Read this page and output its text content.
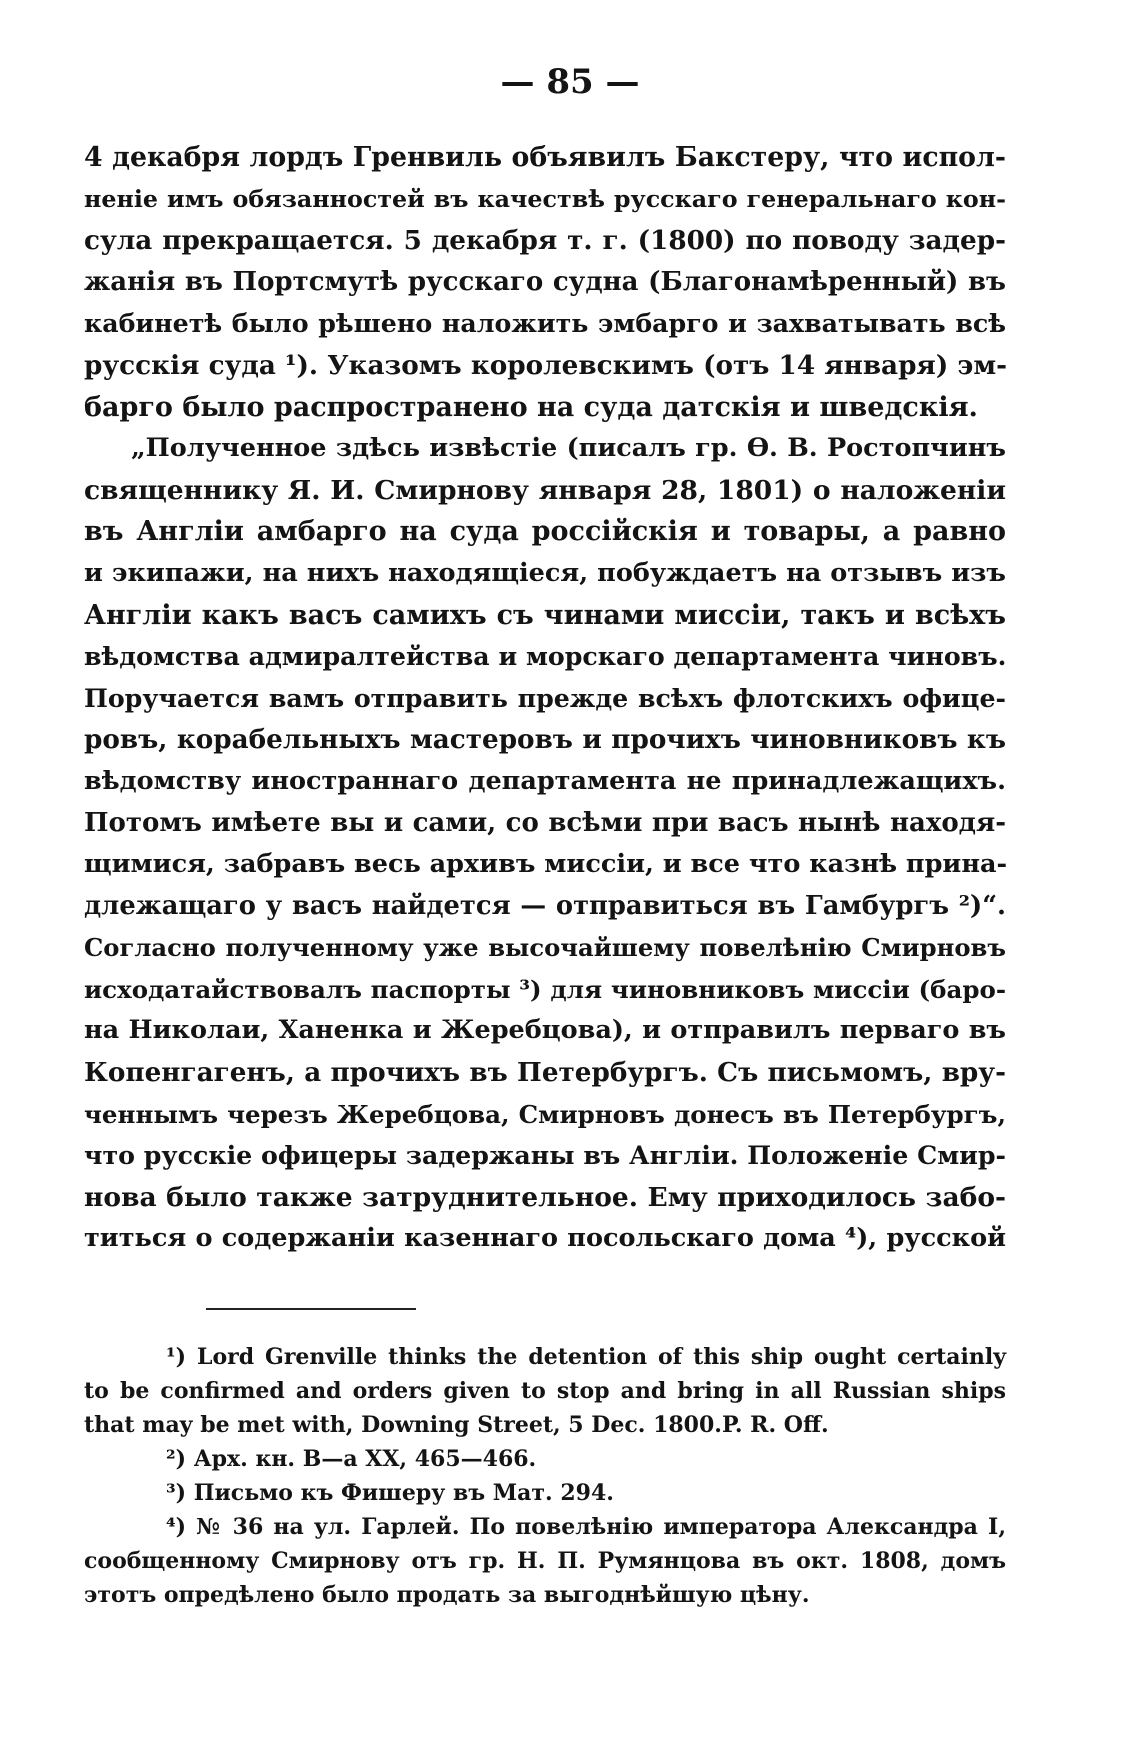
— 85 —
4 декабря лордъ Гренвиль объявилъ Бакстеру, что испол-
неніе имъ обязанностей въ качествѣ русскаго генеральнаго кон-
сула прекращается. 5 декабря т. г. (1800) по поводу задер-
жанія въ Портсмутѣ русскаго судна (Благонамѣренный) въ
кабинетѣ было рѣшено наложить эмбарго и захватывать всѣ
русскія суда ¹). Указомъ королевскимъ (отъ 14 января) эм-
барго было распространено на суда датскія и шведскія.
„Полученное здѣсь извѣстіе (писалъ гр. Ѳ. В. Ростопчинъ
священнику Я. И. Смирнову января 28, 1801) о наложеніи
въ Англіи амбарго на суда россійскія и товары, а равно
и экипажи, на нихъ находящіеся, побуждаетъ на отзывъ изъ
Англіи какъ васъ самихъ съ чинами миссіи, такъ и всѣхъ
вѣдомства адмиралтейства и морскаго департамента чиновъ.
Поручается вамъ отправить прежде всѣхъ флотскихъ офице-
ровъ, корабельныхъ мастеровъ и прочихъ чиновниковъ къ
вѣдомству иностраннаго департамента не принадлежащихъ.
Потомъ имѣете вы и сами, со всѣми при васъ нынѣ находя-
щимися, забравъ весь архивъ миссіи, и все что казнѣ прина-
длежащаго у васъ найдется — отправиться въ Гамбургъ ²)“.
Согласно полученному уже высочайшему повелѣнію Смирновъ
исходатайствовалъ паспорты ³) для чиновниковъ миссіи (баро-
на Николаи, Ханенка и Жеребцова), и отправилъ перваго въ
Копенгагенъ, а прочихъ въ Петербургъ. Съ письмомъ, вру-
ченнымъ черезъ Жеребцова, Смирновъ донесъ въ Петербургъ,
что русскіе офицеры задержаны въ Англіи. Положеніе Смир-
нова было также затруднительное. Ему приходилось забо-
титься о содержаніи казеннаго посольскаго дома ⁴), русской
¹) Lord Grenville thinks the detention of this ship ought certainly
to be confirmed and orders given to stop and bring in all Russian ships
that may be met with, Downing Street, 5 Dec. 1800.P. R. Off.
²) Арх. кн. В—а XX, 465—466.
³) Письмо къ Фишеру въ Мат. 294.
⁴) № 36 на ул. Гарлей. По повелѣнію императора Александра I,
сообщенному Смирнову отъ гр. Н. П. Румянцова въ окт. 1808, домъ
этотъ опредѣлено было продать за выгоднѣйшую цѣну.
